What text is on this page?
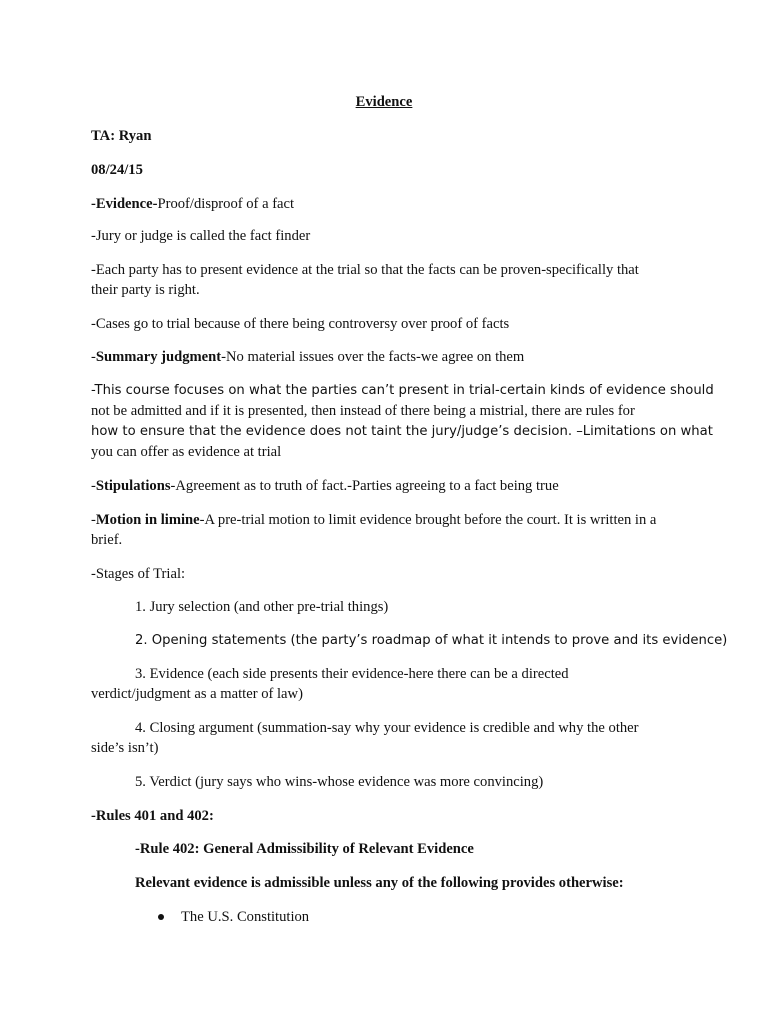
Evidence

TA: Ryan

08/24/15

-Evidence-Proof/disproof of a fact

-Jury or judge is called the fact finder

-Each party has to present evidence at the trial so that the facts can be proven-specifically that

their party is right.

-Cases go to trial because of there being controversy over proof of facts

-Summary judgment-No material issues over the facts-we agree on them

-This course focuses on what the parties can’t present in trial-certain kinds of evidence should

not be admitted and if it is presented, then instead of there being a mistrial, there are rules for

how to ensure that the evidence does not taint the jury/judge’s decision. –Limitations on what

you can offer as evidence at trial

-Stipulations-Agreement as to truth of fact.-Parties agreeing to a fact being true

-Motion in limine-A pre-trial motion to limit evidence brought before the court. It is written in a

brief.

-Stages of Trial:

1. Jury selection (and other pre-trial things)

2. Opening statements (the party’s roadmap of what it intends to prove and its evidence)

3. Evidence (each side presents their evidence-here there can be a directed

verdict/judgment as a matter of law)

4. Closing argument (summation-say why your evidence is credible and why the other

side’s isn’t)

5. Verdict (jury says who wins-whose evidence was more convincing)

-Rules 401 and 402:

-Rule 402: General Admissibility of Relevant Evidence

Relevant evidence is admissible unless any of the following provides otherwise:

The U.S. Constitution
